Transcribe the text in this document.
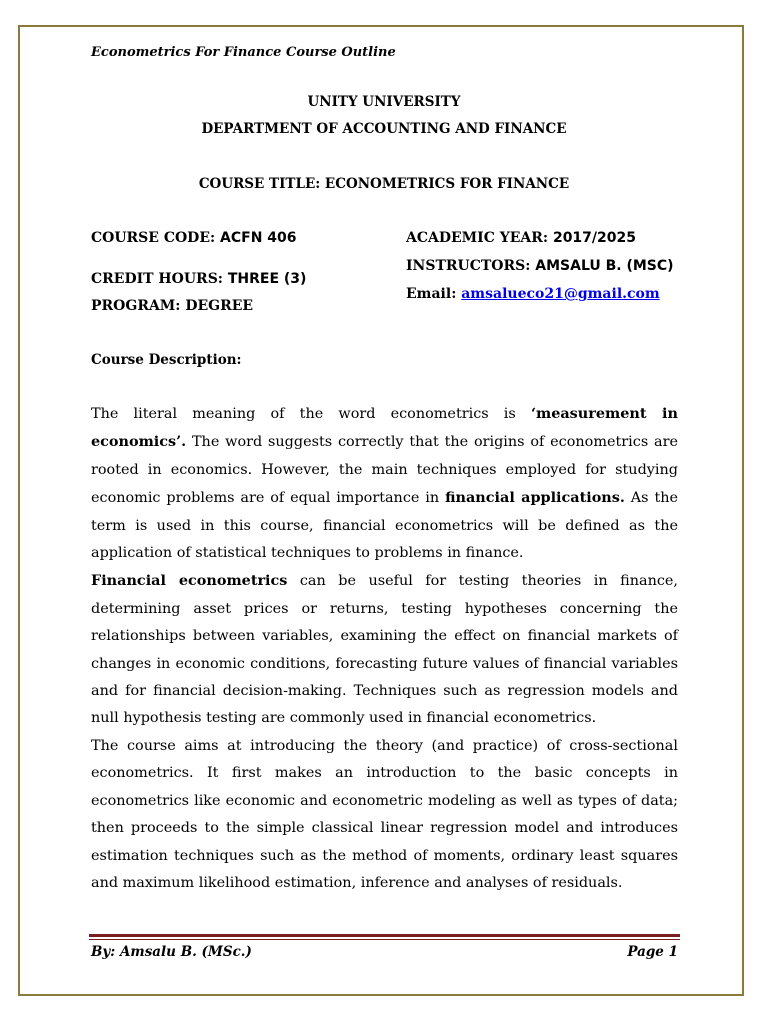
Econometrics For Finance Course Outline
UNITY UNIVERSITY
DEPARTMENT OF ACCOUNTING AND FINANCE
COURSE TITLE: ECONOMETRICS FOR FINANCE
COURSE CODE: ACFN 406
CREDIT HOURS: THREE (3)
PROGRAM: DEGREE
ACADEMIC YEAR: 2017/2025
INSTRUCTORS: AMSALU B. (MSC)
Email: amsalueco21@gmail.com
Course Description:

The literal meaning of the word econometrics is ‘measurement in economics’. The word suggests correctly that the origins of econometrics are rooted in economics. However, the main techniques employed for studying economic problems are of equal importance in financial applications. As the term is used in this course, financial econometrics will be defined as the application of statistical techniques to problems in finance.

Financial econometrics can be useful for testing theories in finance, determining asset prices or returns, testing hypotheses concerning the relationships between variables, examining the effect on financial markets of changes in economic conditions, forecasting future values of financial variables and for financial decision-making. Techniques such as regression models and null hypothesis testing are commonly used in financial econometrics.

The course aims at introducing the theory (and practice) of cross-sectional econometrics. It first makes an introduction to the basic concepts in econometrics like economic and econometric modeling as well as types of data; then proceeds to the simple classical linear regression model and introduces estimation techniques such as the method of moments, ordinary least squares and maximum likelihood estimation, inference and analyses of residuals.

By: Amsalu B. (MSc.)	Page 1
